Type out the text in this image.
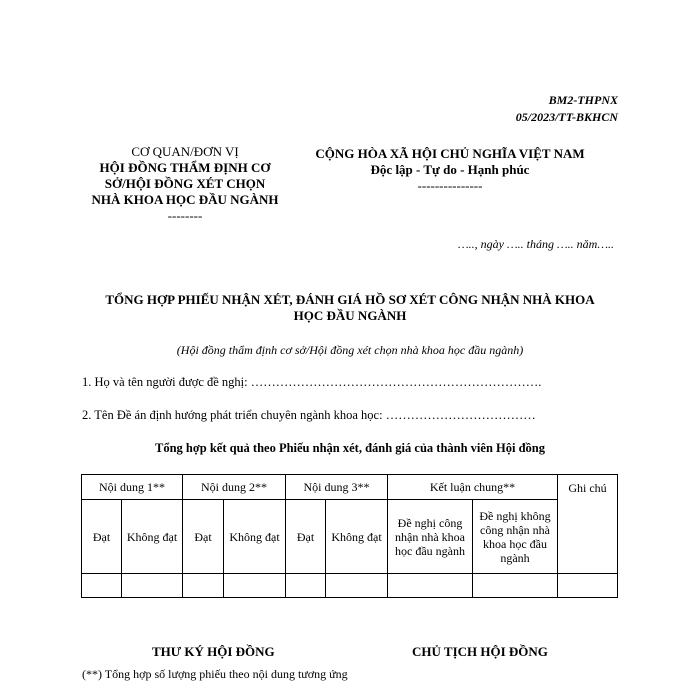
BM2-THPNX
05/2023/TT-BKHCN
CƠ QUAN/ĐƠN VỊ
HỘI ĐỒNG THẨM ĐỊNH CƠ
SỞ/HỘI ĐỒNG XÉT CHỌN
NHÀ KHOA HỌC ĐẦU NGÀNH
--------
CỘNG HÒA XÃ HỘI CHỦ NGHĨA VIỆT NAM
Độc lập - Tự do - Hạnh phúc
---------------
….., ngày ….. tháng ….. năm…..
TỔNG HỢP PHIẾU NHẬN XÉT, ĐÁNH GIÁ HỒ SƠ XÉT CÔNG NHẬN NHÀ KHOA
HỌC ĐẦU NGÀNH
(Hội đồng thẩm định cơ sở/Hội đồng xét chọn nhà khoa học đầu ngành)
1. Họ và tên người được đề nghị: …………………………………………………………….
2. Tên Đề án định hướng phát triển chuyên ngành khoa học: ………………………………
Tổng hợp kết quả theo Phiếu nhận xét, đánh giá của thành viên Hội đồng
Nội dung 1**		Nội dung 2**		Nội dung 3**		Kết luận chung**		Ghi chú
Đạt	Không đạt	Đạt	Không đạt	Đạt	Không đạt	Đề nghị công nhận nhà khoa học đầu ngành	Đề nghị không công nhận nhà khoa học đầu ngành	

THƯ KÝ HỘI ĐỒNG	CHỦ TỊCH HỘI ĐỒNG
(**) Tổng hợp số lượng phiếu theo nội dung tương ứng
